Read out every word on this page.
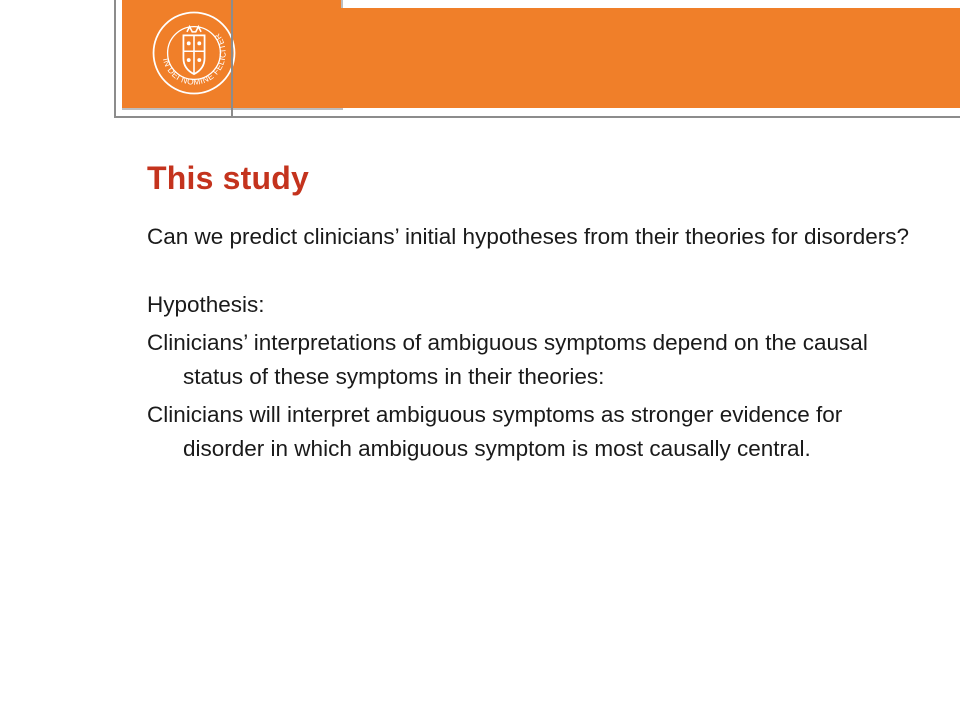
IN DEI NOMINE FELICITER
This study

Can we predict clinicians’ initial hypotheses from their theories for disorders?

Hypothesis:

Clinicians’ interpretations of ambiguous symptoms depend on the causal status of these symptoms in their theories:

Clinicians will interpret ambiguous symptoms as stronger evidence for disorder in which ambiguous symptom is most causally central.
